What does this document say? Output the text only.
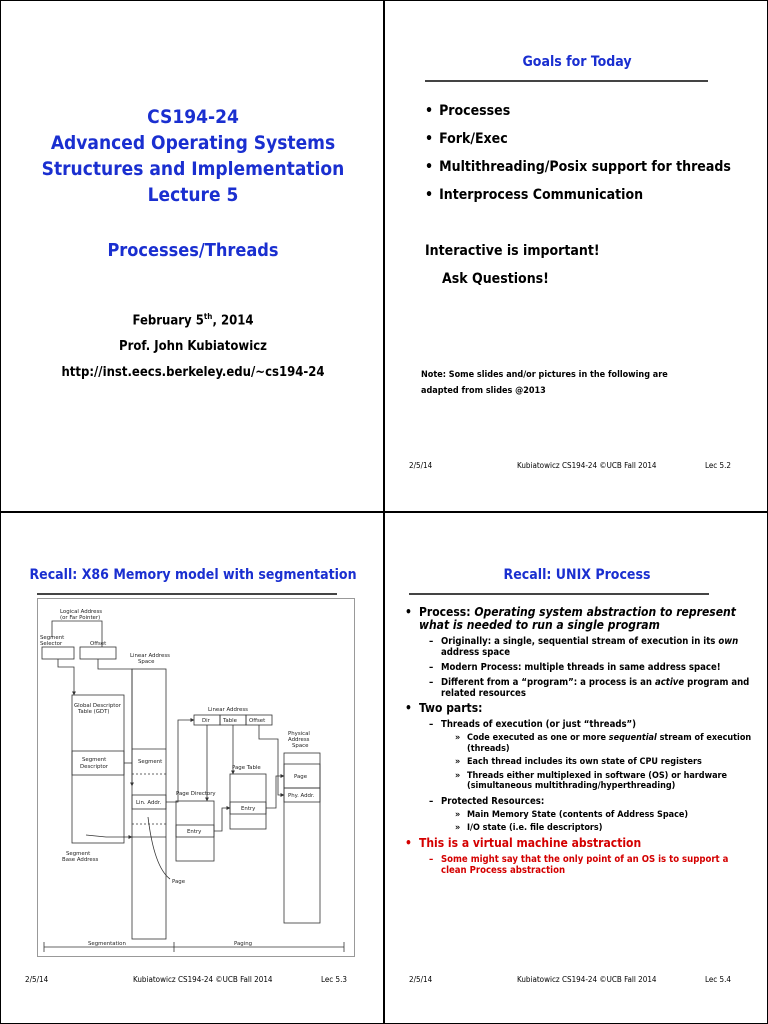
CS194-24
Advanced Operating Systems
Structures and Implementation
Lecture 5
Processes/Threads
February 5th, 2014
Prof. John Kubiatowicz
http://inst.eecs.berkeley.edu/~cs194-24
Goals for Today
• Processes
• Fork/Exec
• Multithreading/Posix support for threads
• Interprocess Communication
Interactive is important!
Ask Questions!
Note: Some slides and/or pictures in the following are
adapted from slides @2013
2/5/14	Kubiatowicz CS194-24 ©UCB Fall 2014	Lec 5.2
Recall: X86 Memory model with segmentation
Logical Address
(or Far Pointer)
Segment
Selector	Offset
Linear Address
Space
Global Descriptor
Table (GDT)
Segment
Descriptor
Segment
Lin. Addr.
Linear Address
Dir Table Offset
Page Directory
Entry
Page Table
Entry
Physical
Address
Space
Page
Phy. Addr.
Segment
Base Address
Page
Segmentation	Paging
2/5/14	Kubiatowicz CS194-24 ©UCB Fall 2014	Lec 5.3
Recall: UNIX Process
• Process: Operating system abstraction to represent what is needed to run a single program
– Originally: a single, sequential stream of execution in its own address space
– Modern Process: multiple threads in same address space!
– Different from a “program”: a process is an active program and related resources
• Two parts:
– Threads of execution (or just “threads”)
» Code executed as one or more sequential stream of execution (threads)
» Each thread includes its own state of CPU registers
» Threads either multiplexed in software (OS) or hardware (simultaneous multithrading/hyperthreading)
– Protected Resources:
» Main Memory State (contents of Address Space)
» I/O state (i.e. file descriptors)
• This is a virtual machine abstraction
– Some might say that the only point of an OS is to support a clean Process abstraction
2/5/14	Kubiatowicz CS194-24 ©UCB Fall 2014	Lec 5.4
